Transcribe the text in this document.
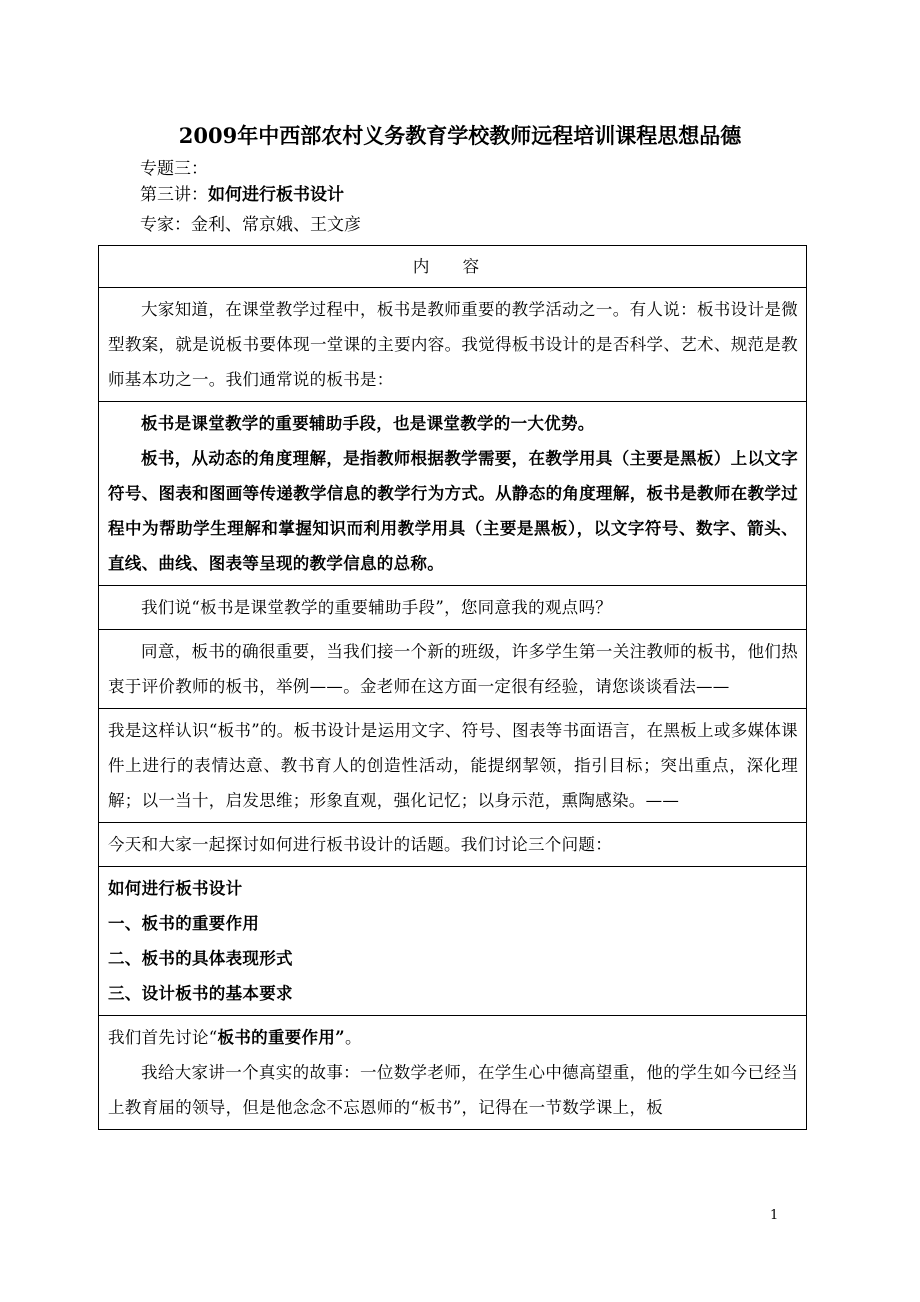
2009年中西部农村义务教育学校教师远程培训课程思想品德
专题三：
第三讲：如何进行板书设计
专家：金利、常京娥、王文彦
内 容

大家知道，在课堂教学过程中，板书是教师重要的教学活动之一。有人说：板书设计是微型教案，就是说板书要体现一堂课的主要内容。我觉得板书设计的是否科学、艺术、规范是教师基本功之一。我们通常说的板书是：

板书是课堂教学的重要辅助手段，也是课堂教学的一大优势。

板书，从动态的角度理解，是指教师根据教学需要，在教学用具（主要是黑板）上以文字符号、图表和图画等传递教学信息的教学行为方式。从静态的角度理解，板书是教师在教学过程中为帮助学生理解和掌握知识而利用教学用具（主要是黑板），以文字符号、数字、箭头、直线、曲线、图表等呈现的教学信息的总称。

我们说“板书是课堂教学的重要辅助手段”，您同意我的观点吗？

同意，板书的确很重要，当我们接一个新的班级，许多学生第一关注教师的板书，他们热衷于评价教师的板书，举例——。金老师在这方面一定很有经验，请您谈谈看法——

我是这样认识“板书”的。板书设计是运用文字、符号、图表等书面语言，在黑板上或多媒体课件上进行的表情达意、教书育人的创造性活动，能提纲挈领，指引目标；突出重点，深化理解；以一当十，启发思维；形象直观，强化记忆；以身示范，熏陶感染。——

今天和大家一起探讨如何进行板书设计的话题。我们讨论三个问题：

如何进行板书设计

一、板书的重要作用

二、板书的具体表现形式

三、设计板书的基本要求

我们首先讨论“板书的重要作用”。

我给大家讲一个真实的故事：一位数学老师，在学生心中德高望重，他的学生如今已经当上教育届的领导，但是他念念不忘恩师的“板书”，记得在一节数学课上，板

1
